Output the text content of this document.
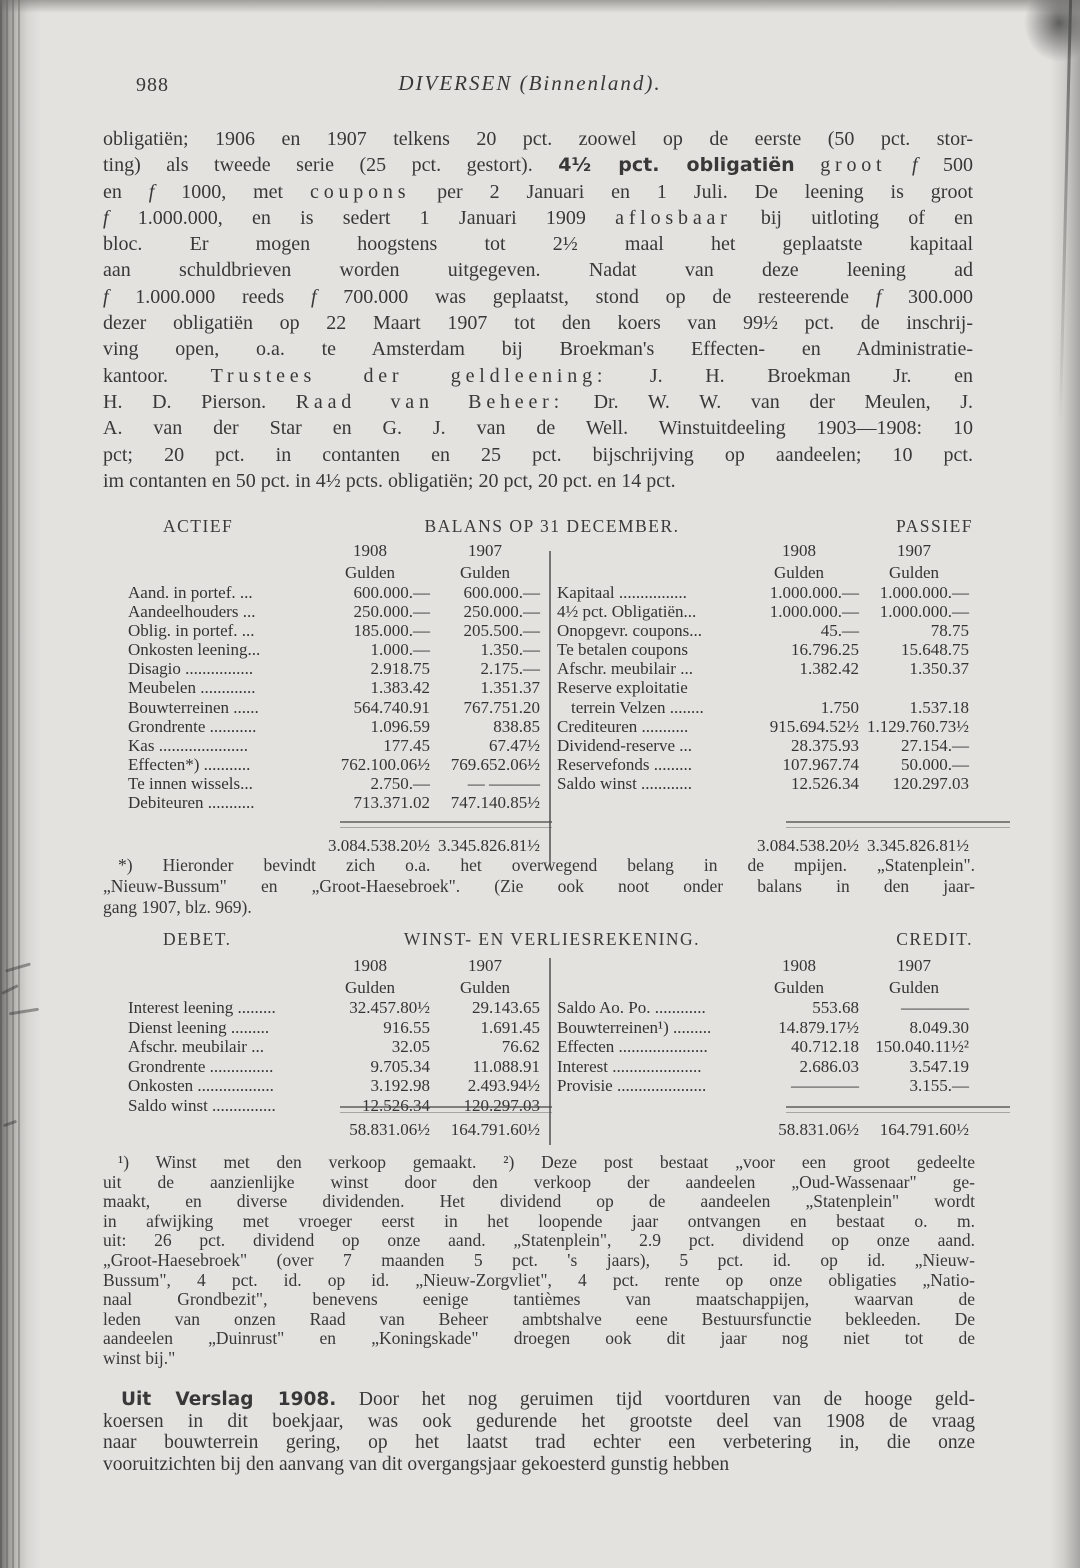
988	DIVERSEN (Binnenland).
obligatiën; 1906 en 1907 telkens 20 pct. zoowel op de eerste (50 pct. stor-
ting) als tweede serie (25 pct. gestort). 4½ pct. obligatiën groot f 500
en f 1000, met coupons per 2 Januari en 1 Juli. De leening is groot
f 1.000.000, en is sedert 1 Januari 1909 aflosbaar bij uitloting of en
bloc. Er mogen hoogstens tot 2½ maal het geplaatste kapitaal
aan schuldbrieven worden uitgegeven. Nadat van deze leening ad
f 1.000.000 reeds f 700.000 was geplaatst, stond op de resteerende f 300.000
dezer obligatiën op 22 Maart 1907 tot den koers van 99½ pct. de inschrij-
ving open, o.a. te Amsterdam bij Broekman's Effecten- en Administratie-
kantoor. Trustees der geldleening: J. H. Broekman Jr. en
H. D. Pierson. Raad van Beheer: Dr. W. W. van der Meulen, J.
A. van der Star en G. J. van de Well. Winstuitdeeling 1903—1908: 10
pct; 20 pct. in contanten en 25 pct. bijschrijving op aandeelen; 10 pct.
im contanten en 50 pct. in 4½ pcts. obligatiën; 20 pct, 20 pct. en 14 pct.
ACTIEF	BALANS OP 31 DECEMBER.	PASSIEF
1908	1907
Gulden	Gulden
Aand. in portef. ...	600.000.—	600.000.—
Aandeelhouders ...	250.000.—	250.000.—
Oblig. in portef. ...	185.000.—	205.500.—
Onkosten leening...	1.000.—	1.350.—
Disagio ................	2.918.75	2.175.—
Meubelen .............	1.383.42	1.351.37
Bouwterreinen ......	564.740.91	767.751.20
Grondrente ...........	1.096.59	838.85
Kas .....................	177.45	67.47½
Effecten*) ...........	762.100.06½	769.652.06½
Te innen wissels...	2.750.—	— ———
Debiteuren ...........	713.371.02	747.140.85½
1908	1907
Gulden	Gulden
Kapitaal ................	1.000.000.—	1.000.000.—
4½ pct. Obligatiën...	1.000.000.—	1.000.000.—
Onopgevr. coupons...	45.—	78.75
Te betalen coupons	16.796.25	15.648.75
Afschr. meubilair ...	1.382.42	1.350.37
Reserve exploitatie
terrein Velzen ........	1.750	1.537.18
Crediteuren ...........	915.694.52½ 1.129.760.73½
Dividend-reserve ...	28.375.93	27.154.—
Reservefonds .........	107.967.74	50.000.—
Saldo winst ............	12.526.34	120.297.03
3.084.538.20½ 3.345.826.81½	3.084.538.20½ 3.345.826.81½
*) Hieronder bevindt zich o.a. het overwegend belang in de mpijen. „Statenplein".
„Nieuw-Bussum" en „Groot-Haesebroek". (Zie ook noot onder balans in den jaar-
gang 1907, blz. 969).
DEBET.	WINST- EN VERLIESREKENING.	CREDIT.
1908	1907
Gulden	Gulden
Interest leening .........	32.457.80½	29.143.65
Dienst leening .........	916.55	1.691.45
Afschr. meubilair ...	32.05	76.62
Grondrente ...............	9.705.34	11.088.91
Onkosten ..................	3.192.98	2.493.94½
Saldo winst ...............	12.526.34	120.297.03
1908	1907
Gulden	Gulden
Saldo Ao. Po. ............	553.68	————
Bouwterreinen¹) .........	14.879.17½	8.049.30
Effecten .....................	40.712.18 150.040.11½²
Interest .....................	2.686.03	3.547.19
Provisie .....................	————	3.155.—
58.831.06½	164.791.60½	58.831.06½	164.791.60½
¹) Winst met den verkoop gemaakt. ²) Deze post bestaat „voor een groot gedeelte
uit de aanzienlijke winst door den verkoop der aandeelen „Oud-Wassenaar" ge-
maakt, en diverse dividenden. Het dividend op de aandeelen „Statenplein" wordt
in afwijking met vroeger eerst in het loopende jaar ontvangen en bestaat o. m.
uit: 26 pct. dividend op onze aand. „Statenplein", 2.9 pct. dividend op onze aand.
„Groot-Haesebroek" (over 7 maanden 5 pct. 's jaars), 5 pct. id. op id. „Nieuw-
Bussum", 4 pct. id. op id. „Nieuw-Zorgvliet", 4 pct. rente op onze obligaties „Natio-
naal Grondbezit", benevens eenige tantièmes van maatschappijen, waarvan de
leden van onzen Raad van Beheer ambtshalve eene Bestuursfunctie bekleeden. De
aandeelen „Duinrust" en „Koningskade" droegen ook dit jaar nog niet tot de
winst bij."
Uit Verslag 1908. Door het nog geruimen tijd voortduren van de hooge geld-
koersen in dit boekjaar, was ook gedurende het grootste deel van 1908 de vraag
naar bouwterrein gering, op het laatst trad echter een verbetering in, die onze
vooruitzichten bij den aanvang van dit overgangsjaar gekoesterd gunstig hebben
